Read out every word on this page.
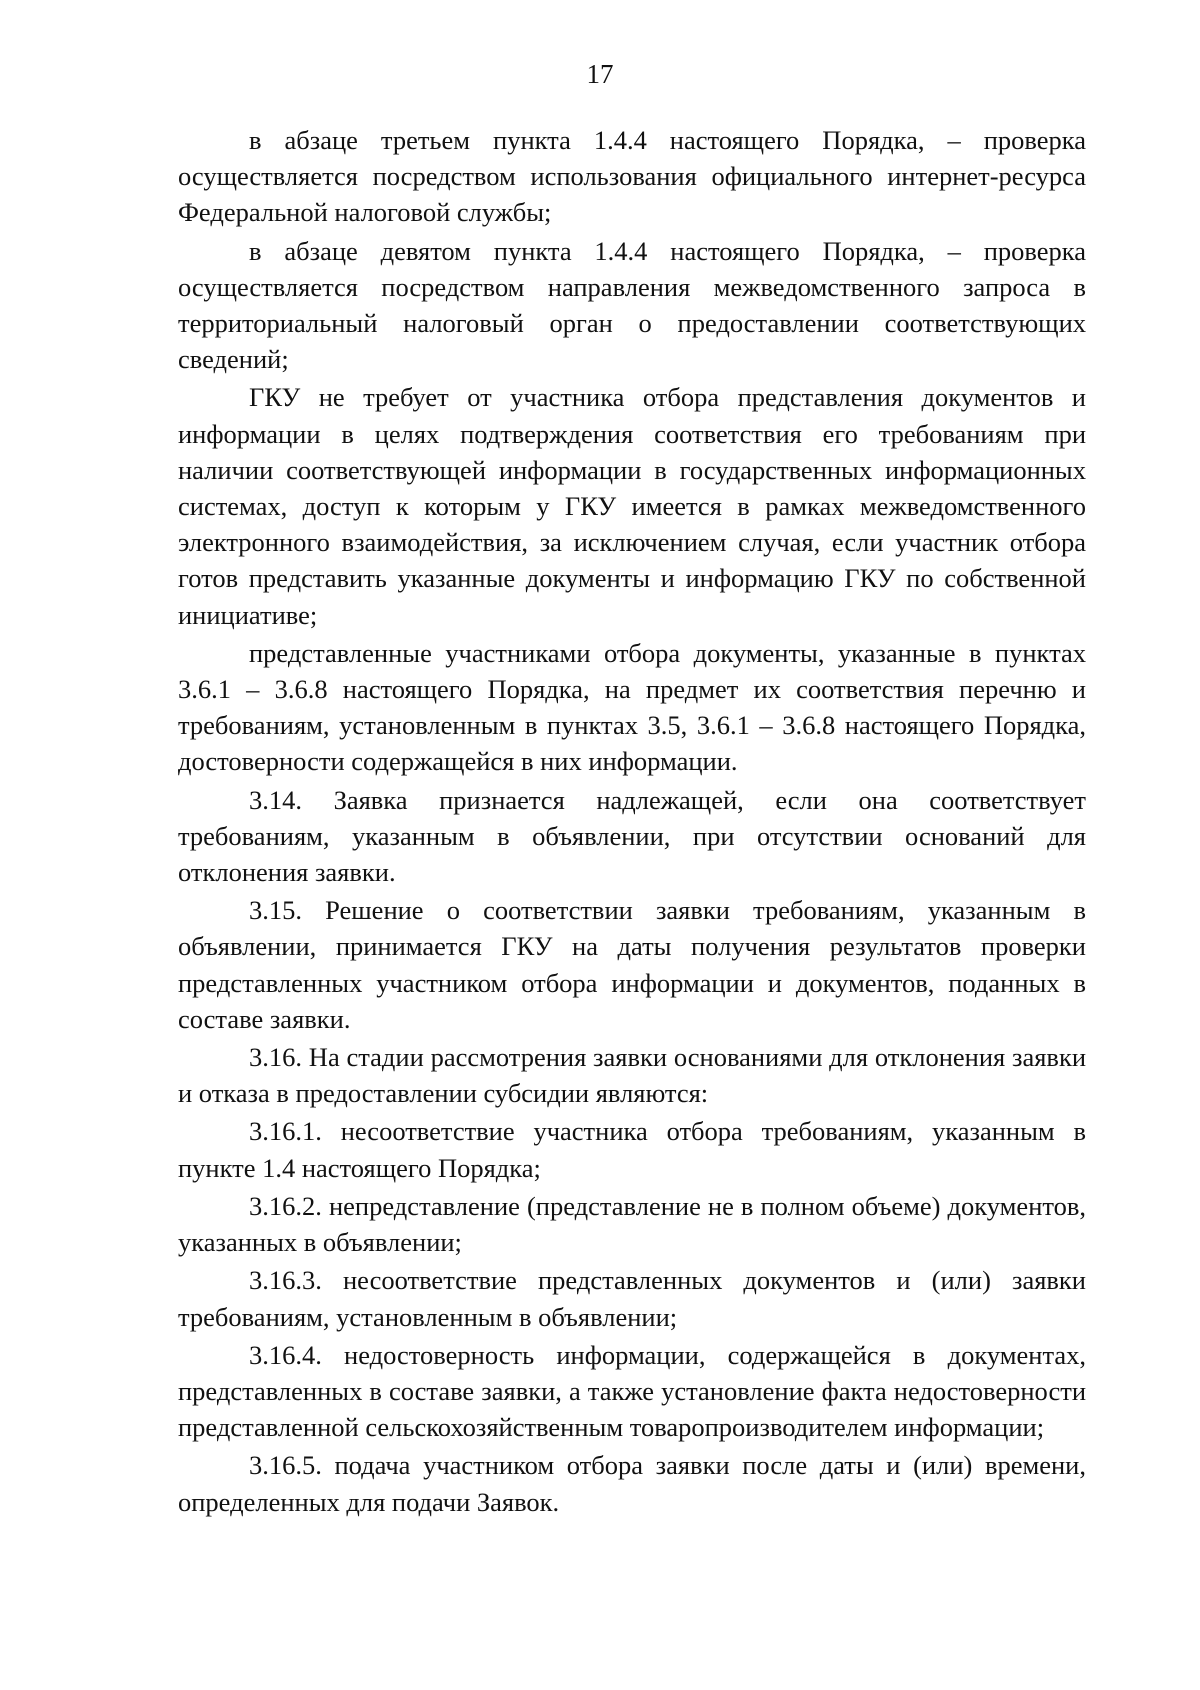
17

в абзаце третьем пункта 1.4.4 настоящего Порядка, – проверка осуществляется посредством использования официального интернет-ресурса Федеральной налоговой службы;

в абзаце девятом пункта 1.4.4 настоящего Порядка, – проверка осуществляется посредством направления межведомственного запроса в территориальный налоговый орган о предоставлении соответствующих сведений;

ГКУ не требует от участника отбора представления документов и информации в целях подтверждения соответствия его требованиям при наличии соответствующей информации в государственных информационных системах, доступ к которым у ГКУ имеется в рамках межведомственного электронного взаимодействия, за исключением случая, если участник отбора готов представить указанные документы и информацию ГКУ по собственной инициативе;

представленные участниками отбора документы, указанные в пунктах 3.6.1 – 3.6.8 настоящего Порядка, на предмет их соответствия перечню и требованиям, установленным в пунктах 3.5, 3.6.1 – 3.6.8 настоящего Порядка, достоверности содержащейся в них информации.

3.14. Заявка признается надлежащей, если она соответствует требованиям, указанным в объявлении, при отсутствии оснований для отклонения заявки.

3.15. Решение о соответствии заявки требованиям, указанным в объявлении, принимается ГКУ на даты получения результатов проверки представленных участником отбора информации и документов, поданных в составе заявки.

3.16. На стадии рассмотрения заявки основаниями для отклонения заявки и отказа в предоставлении субсидии являются:

3.16.1. несоответствие участника отбора требованиям, указанным в пункте 1.4 настоящего Порядка;

3.16.2. непредставление (представление не в полном объеме) документов, указанных в объявлении;

3.16.3. несоответствие представленных документов и (или) заявки требованиям, установленным в объявлении;

3.16.4. недостоверность информации, содержащейся в документах, представленных в составе заявки, а также установление факта недостоверности представленной сельскохозяйственным товаропроизводителем информации;

3.16.5. подача участником отбора заявки после даты и (или) времени, определенных для подачи Заявок.
